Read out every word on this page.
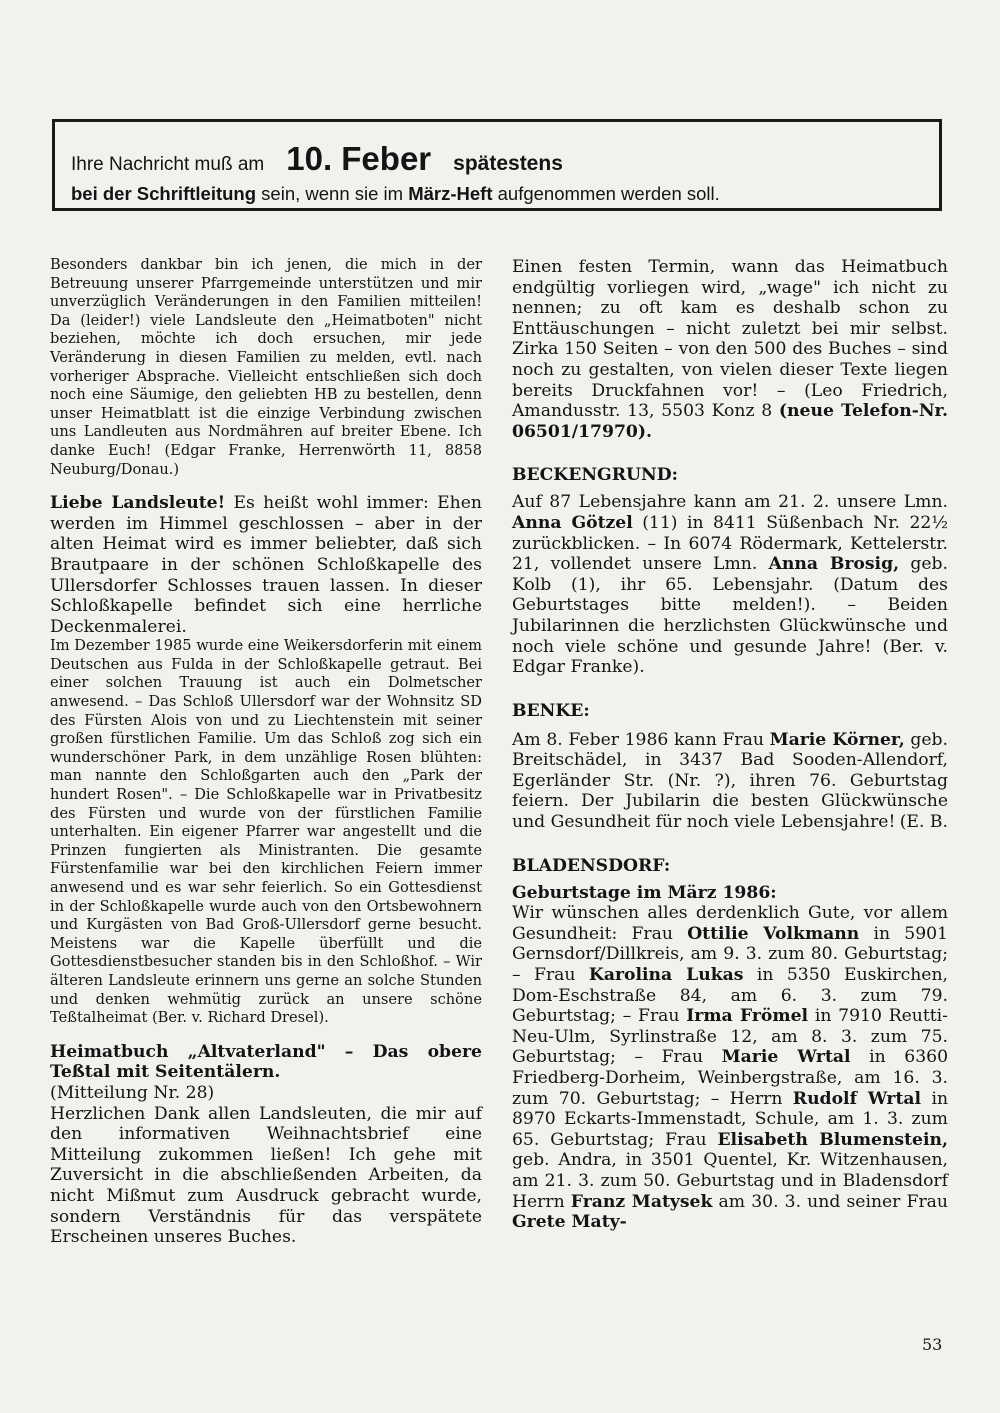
Ihre Nachricht muß am 10. Feber spätestens
bei der Schriftleitung sein, wenn sie im März-Heft aufgenommen werden soll.

Besonders dankbar bin ich jenen, die mich in der Betreuung unserer Pfarrgemeinde unterstützen und mir unverzüglich Veränderungen in den Familien mitteilen! Da (leider!) viele Landsleute den „Heimatboten" nicht beziehen, möchte ich doch ersuchen, mir jede Veränderung in diesen Familien zu melden, evtl. nach vorheriger Absprache. Vielleicht entschließen sich doch noch eine Säumige, den geliebten HB zu bestellen, denn unser Heimatblatt ist die einzige Verbindung zwischen uns Landleuten aus Nordmähren auf breiter Ebene. Ich danke Euch! (Edgar Franke, Herrenwörth 11, 8858 Neuburg/Donau.)

Liebe Landsleute! Es heißt wohl immer: Ehen werden im Himmel geschlossen – aber in der alten Heimat wird es immer beliebter, daß sich Brautpaare in der schönen Schloßkapelle des Ullersdorfer Schlosses trauen lassen. In dieser Schloßkapelle befindet sich eine herrliche Deckenmalerei.

Im Dezember 1985 wurde eine Weikersdorferin mit einem Deutschen aus Fulda in der Schloßkapelle getraut. Bei einer solchen Trauung ist auch ein Dolmetscher anwesend. – Das Schloß Ullersdorf war der Wohnsitz SD des Fürsten Alois von und zu Liechtenstein mit seiner großen fürstlichen Familie. Um das Schloß zog sich ein wunderschöner Park, in dem unzählige Rosen blühten: man nannte den Schloßgarten auch den „Park der hundert Rosen". – Die Schloßkapelle war in Privatbesitz des Fürsten und wurde von der fürstlichen Familie unterhalten. Ein eigener Pfarrer war angestellt und die Prinzen fungierten als Ministranten. Die gesamte Fürstenfamilie war bei den kirchlichen Feiern immer anwesend und es war sehr feierlich. So ein Gottesdienst in der Schloßkapelle wurde auch von den Ortsbewohnern und Kurgästen von Bad Groß-Ullersdorf gerne besucht. Meistens war die Kapelle überfüllt und die Gottesdienstbesucher standen bis in den Schloßhof. – Wir älteren Landsleute erinnern uns gerne an solche Stunden und denken wehmütig zurück an unsere schöne Teßtalheimat (Ber. v. Richard Dresel).

Heimatbuch „Altvaterland" – Das obere Teßtal mit Seitentälern.
(Mitteilung Nr. 28)
Herzlichen Dank allen Landsleuten, die mir auf den informativen Weihnachtsbrief eine Mitteilung zukommen ließen! Ich gehe mit Zuversicht in die abschließenden Arbeiten, da nicht Mißmut zum Ausdruck gebracht wurde, sondern Verständnis für das verspätete Erscheinen unseres Buches.

Einen festen Termin, wann das Heimatbuch endgültig vorliegen wird, „wage" ich nicht zu nennen; zu oft kam es deshalb schon zu Enttäuschungen – nicht zuletzt bei mir selbst. Zirka 150 Seiten – von den 500 des Buches – sind noch zu gestalten, von vielen dieser Texte liegen bereits Druckfahnen vor! – (Leo Friedrich, Amandusstr. 13, 5503 Konz 8 (neue Telefon-Nr. 06501/17970).

BECKENGRUND:

Auf 87 Lebensjahre kann am 21. 2. unsere Lmn. Anna Götzel (11) in 8411 Süßenbach Nr. 22½ zurückblicken. – In 6074 Rödermark, Kettelerstr. 21, vollendet unsere Lmn. Anna Brosig, geb. Kolb (1), ihr 65. Lebensjahr. (Datum des Geburtstages bitte melden!). – Beiden Jubilarinnen die herzlichsten Glückwünsche und noch viele schöne und gesunde Jahre! (Ber. v. Edgar Franke).

BENKE:

Am 8. Feber 1986 kann Frau Marie Körner, geb. Breitschädel, in 3437 Bad Sooden-Allendorf, Egerländer Str. (Nr. ?), ihren 76. Geburtstag feiern. Der Jubilarin die besten Glückwünsche und Gesundheit für noch viele Lebensjahre! (E. B.

BLADENSDORF:

Geburtstage im März 1986:
Wir wünschen alles derdenklich Gute, vor allem Gesundheit: Frau Ottilie Volkmann in 5901 Gernsdorf/Dillkreis, am 9. 3. zum 80. Geburtstag; – Frau Karolina Lukas in 5350 Euskirchen, Dom-Eschstraße 84, am 6. 3. zum 79. Geburtstag; – Frau Irma Frömel in 7910 Reutti-Neu-Ulm, Syrlinstraße 12, am 8. 3. zum 75. Geburtstag; – Frau Marie Wrtal in 6360 Friedberg-Dorheim, Weinbergstraße, am 16. 3. zum 70. Geburtstag; – Herrn Rudolf Wrtal in 8970 Eckarts-Immenstadt, Schule, am 1. 3. zum 65. Geburtstag; Frau Elisabeth Blumenstein, geb. Andra, in 3501 Quentel, Kr. Witzenhausen, am 21. 3. zum 50. Geburtstag und in Bladensdorf Herrn Franz Matysek am 30. 3. und seiner Frau Grete Maty-

53
